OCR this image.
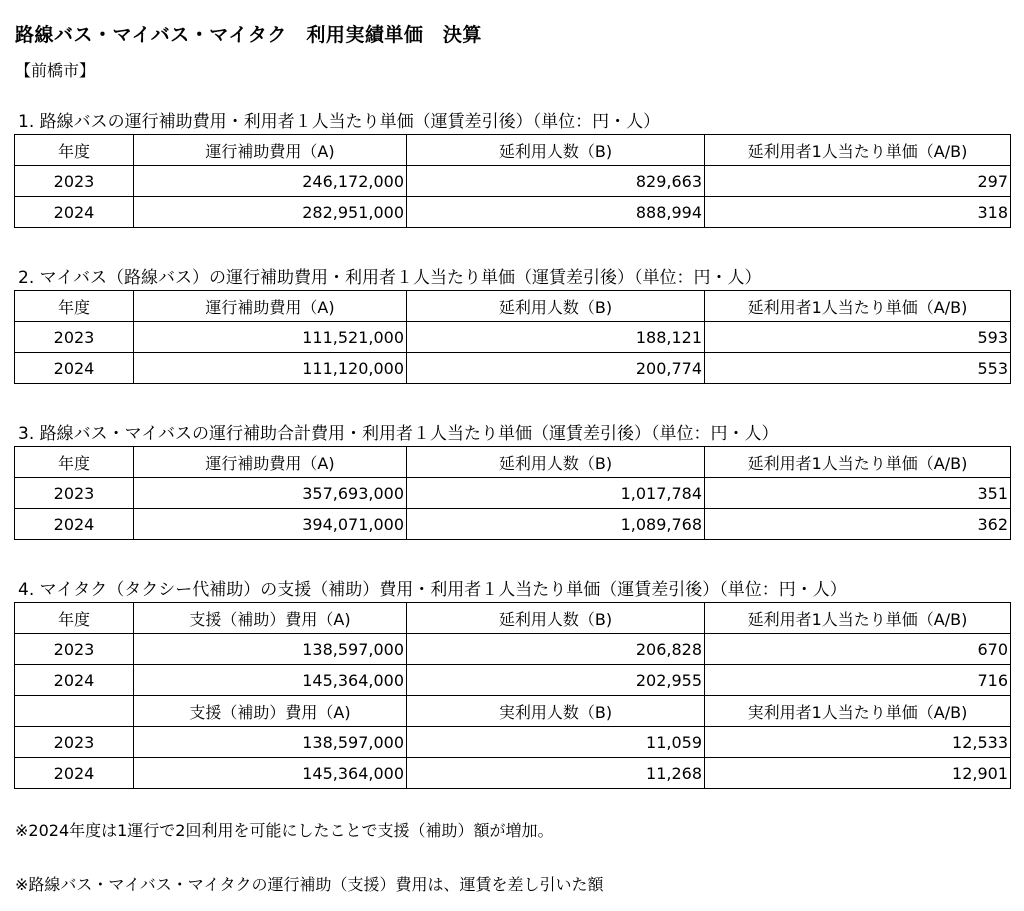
路線バス・マイバス・マイタク　利用実績単価　決算
【前橋市】
1. 路線バスの運行補助費用・利用者１人当たり単価（運賃差引後）（単位：円・人）
年度	運行補助費用（A)	延利用人数（B)	延利用者1人当たり単価（A/B)
2023	246,172,000	829,663	297
2024	282,951,000	888,994	318
2. マイバス（路線バス）の運行補助費用・利用者１人当たり単価（運賃差引後）（単位：円・人）
年度	運行補助費用（A)	延利用人数（B)	延利用者1人当たり単価（A/B)
2023	111,521,000	188,121	593
2024	111,120,000	200,774	553
3. 路線バス・マイバスの運行補助合計費用・利用者１人当たり単価（運賃差引後）（単位：円・人）
年度	運行補助費用（A)	延利用人数（B)	延利用者1人当たり単価（A/B)
2023	357,693,000	1,017,784	351
2024	394,071,000	1,089,768	362
4. マイタク（タクシー代補助）の支援（補助）費用・利用者１人当たり単価（運賃差引後）（単位：円・人）
年度	支援（補助）費用（A)	延利用人数（B)	延利用者1人当たり単価（A/B)
2023	138,597,000	206,828	670
2024	145,364,000	202,955	716
	支援（補助）費用（A)	実利用人数（B)	実利用者1人当たり単価（A/B)
2023	138,597,000	11,059	12,533
2024	145,364,000	11,268	12,901
※2024年度は1運行で2回利用を可能にしたことで支援（補助）額が増加。
※路線バス・マイバス・マイタクの運行補助（支援）費用は、運賃を差し引いた額
